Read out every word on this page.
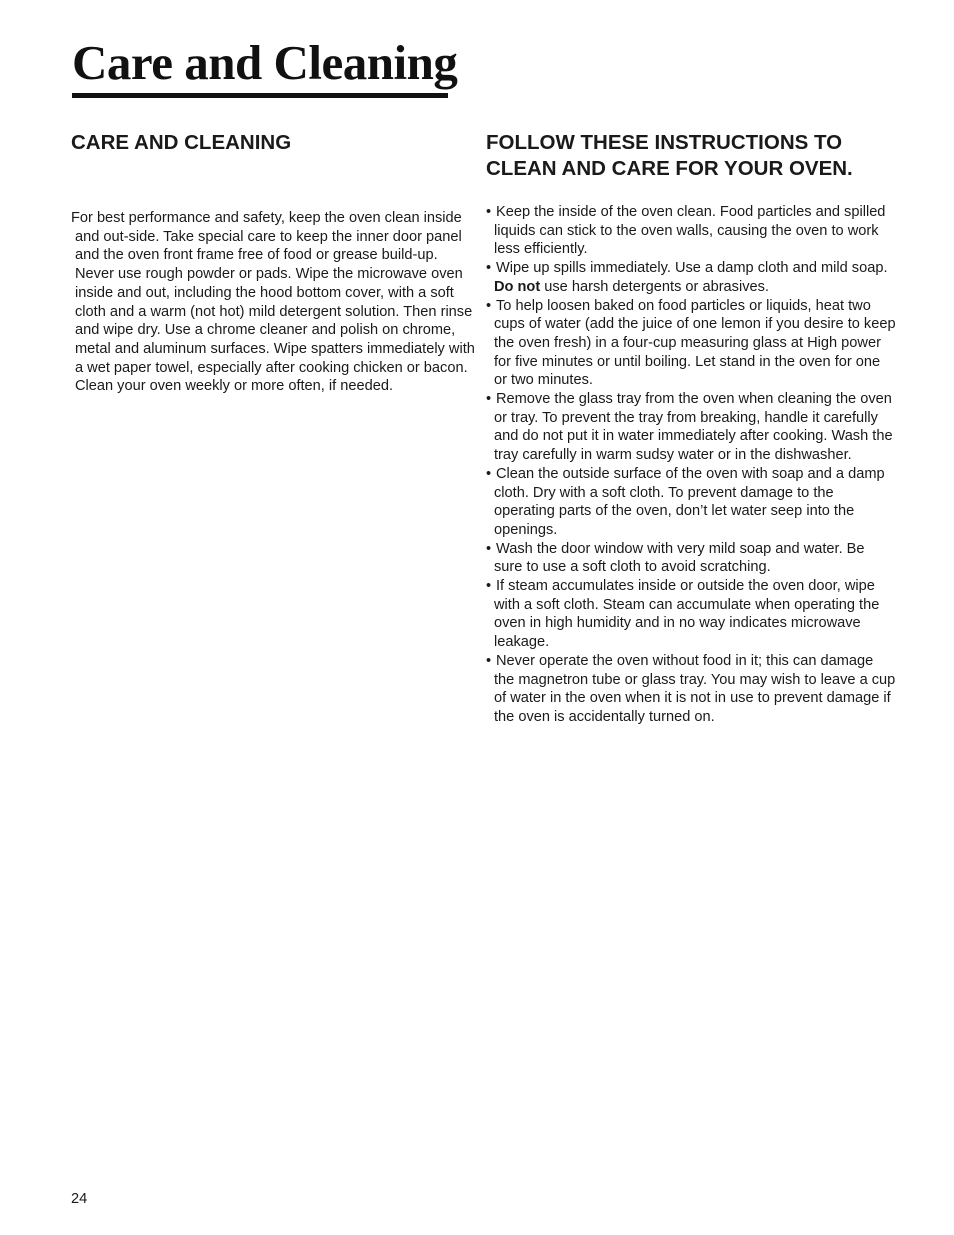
Care and Cleaning
CARE AND CLEANING

For best performance and safety, keep the oven clean inside and out-side. Take special care to keep the inner door panel and the oven front frame free of food or grease build-up. Never use rough powder or pads. Wipe the microwave oven inside and out, including the hood bottom cover, with a soft cloth and a warm (not hot) mild detergent solution. Then rinse and wipe dry. Use a chrome cleaner and polish on chrome, metal and aluminum surfaces. Wipe spatters immediately with a wet paper towel, especially after cooking chicken or bacon. Clean your oven weekly or more often, if needed.

FOLLOW THESE INSTRUCTIONS TO CLEAN AND CARE FOR YOUR OVEN.
• Keep the inside of the oven clean. Food particles and spilled liquids can stick to the oven walls, causing the oven to work less efficiently.
• Wipe up spills immediately. Use a damp cloth and mild soap. Do not use harsh detergents or abrasives.
• To help loosen baked on food particles or liquids, heat two cups of water (add the juice of one lemon if you desire to keep the oven fresh) in a four-cup measuring glass at High power for five minutes or until boiling. Let stand in the oven for one or two minutes.
• Remove the glass tray from the oven when cleaning the oven or tray. To prevent the tray from breaking, handle it carefully and do not put it in water immediately after cooking. Wash the tray carefully in warm sudsy water or in the dishwasher.
• Clean the outside surface of the oven with soap and a damp cloth. Dry with a soft cloth. To prevent damage to the operating parts of the oven, don’t let water seep into the openings.
• Wash the door window with very mild soap and water. Be sure to use a soft cloth to avoid scratching.
• If steam accumulates inside or outside the oven door, wipe with a soft cloth. Steam can accumulate when operating the oven in high humidity and in no way indicates microwave leakage.
• Never operate the oven without food in it; this can damage the magnetron tube or glass tray. You may wish to leave a cup of water in the oven when it is not in use to prevent damage if the oven is accidentally turned on.
24
